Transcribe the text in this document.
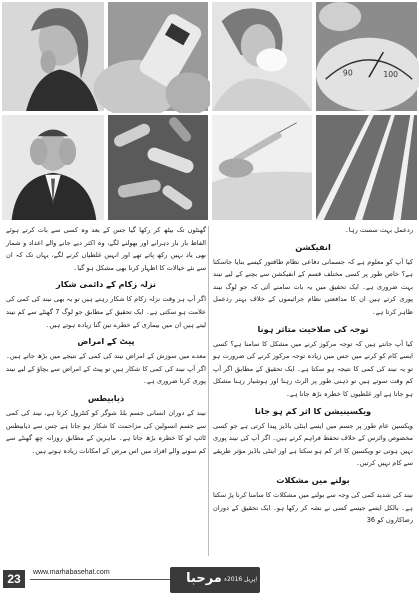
90	100

ردعمل بہت سست رہا۔

انفیکشن

کیا آپ کو معلوم ہے کہ جسمانی دفاعی نظام طاقتور کیسے بنایا جاسکتا ہے؟ خاص طور پر کسی مختلف قسم کے انفیکشن سے بچنے کے لیے نیند بہت ضروری ہے۔ ایک تحقیق میں یہ بات سامنے آئی کہ جو لوگ نیند پوری کرتے ہیں ان کا مدافعتی نظام جراثیموں کے خلاف بہتر ردعمل ظاہر کرتا ہے۔

توجہ کی صلاحیت متاثر ہونا

کیا آپ جانتے ہیں کہ توجہ مرکوز کرنے میں مشکل کا سامنا ہے؟ کسی ایسے کام کو کرنے میں جس میں زیادہ توجہ مرکوز کرنے کی ضرورت ہو تو یہ نیند کی کمی کا نتیجہ ہو سکتا ہے۔ ایک تحقیق کے مطابق اگر آپ کم وقت سوتے ہیں تو ذہنی طور پر الرٹ رہنا اور ہوشیار رہنا مشکل ہو جاتا ہے اور غلطیوں کا خطرہ بڑھ جاتا ہے۔

ویکسینیشن کا اثر کم ہو جانا

ویکسین عام طور پر جسم میں ایسے اینٹی باڈیز پیدا کرتی ہے جو کسی مخصوص وائرس کے خلاف تحفظ فراہم کرتے ہیں۔ اگر آپ کی نیند پوری نہیں ہوتی تو ویکسین کا اثر کم ہو سکتا ہے اور اینٹی باڈیز مؤثر طریقے سے کام نہیں کرتیں۔

بولنے میں مشکلات

نیند کی شدید کمی کی وجہ سے بولنے میں مشکلات کا سامنا کرنا پڑ سکتا ہے۔ بالکل ایسے جیسے کسی نے نشہ کر رکھا ہو۔ ایک تحقیق کے دوران رضاکاروں کو 36

گھنٹوں تک بیٹھ کر رکھا گیا جس کے بعد وہ کسی سے بات کرتے ہوئے الفاظ بار بار دہرانے اور بھولنے لگے، وہ اکثر دیے جانے والے اعداد و شمار بھی یاد نہیں رکھ پاتے تھے اور انہیں غلطیاں کرنے لگے، یہاں تک کہ ان سے نئے خیالات کا اظہار کرنا بھی مشکل ہو گیا۔

نزلہ زکام کے دائمی شکار

اگر آپ ہر وقت نزلہ زکام کا شکار رہتے ہیں تو یہ بھی نیند کی کمی کی علامت ہو سکتی ہے۔ ایک تحقیق کے مطابق جو لوگ 7 گھنٹے سے کم نیند لیتے ہیں ان میں بیماری کے خطرے تین گنا زیادہ ہوتے ہیں۔

پیٹ کے امراض

معدے میں سوزش کے امراض نیند کی کمی کے نتیجے میں بڑھ جاتے ہیں۔ اگر آپ نیند کی کمی کا شکار ہیں تو پیٹ کے امراض سے بچاؤ کے لیے نیند پوری کرنا ضروری ہے۔

ذیابیطس

نیند کے دوران انسانی جسم بلڈ شوگر کو کنٹرول کرتا ہے، نیند کی کمی سے جسم انسولین کی مزاحمت کا شکار ہو جاتا ہے جس سے ذیابیطس ٹائپ ٹو کا خطرہ بڑھ جاتا ہے۔ ماہرین کے مطابق روزانہ چھ گھنٹے سے کم سونے والے افراد میں اس مرض کے امکانات زیادہ ہوتے ہیں۔

23	www.marhabasehat.com	مرحبا صحت
اپریل 2016ء
